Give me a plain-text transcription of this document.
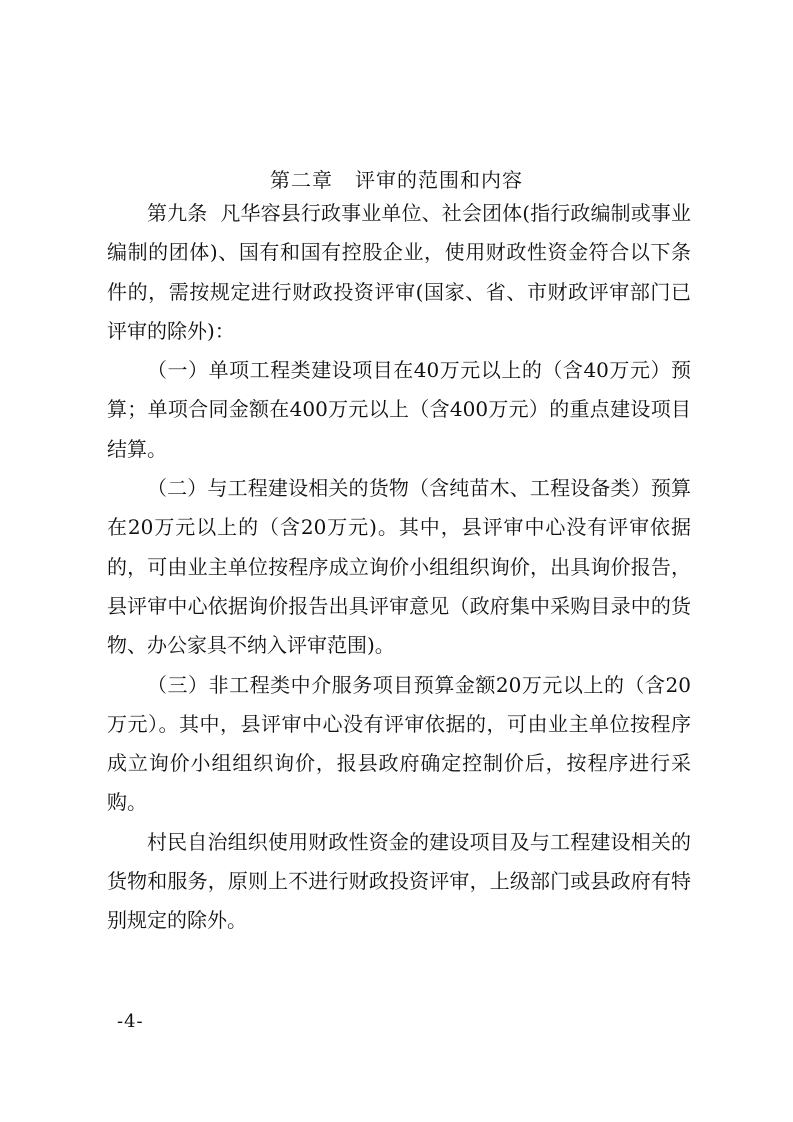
第二章   评审的范围和内容

第九条  凡华容县行政事业单位、社会团体(指行政编制或事业编制的团体)、国有和国有控股企业，使用财政性资金符合以下条件的，需按规定进行财政投资评审(国家、省、市财政评审部门已评审的除外)：

（一）单项工程类建设项目在40万元以上的（含40万元）预算；单项合同金额在400万元以上（含400万元）的重点建设项目结算。

（二）与工程建设相关的货物（含纯苗木、工程设备类）预算在20万元以上的（含20万元)。其中，县评审中心没有评审依据的，可由业主单位按程序成立询价小组组织询价，出具询价报告，县评审中心依据询价报告出具评审意见（政府集中采购目录中的货物、办公家具不纳入评审范围)。

（三）非工程类中介服务项目预算金额20万元以上的（含20万元）。其中，县评审中心没有评审依据的，可由业主单位按程序成立询价小组组织询价，报县政府确定控制价后，按程序进行采购。

村民自治组织使用财政性资金的建设项目及与工程建设相关的货物和服务，原则上不进行财政投资评审，上级部门或县政府有特别规定的除外。

-4-
